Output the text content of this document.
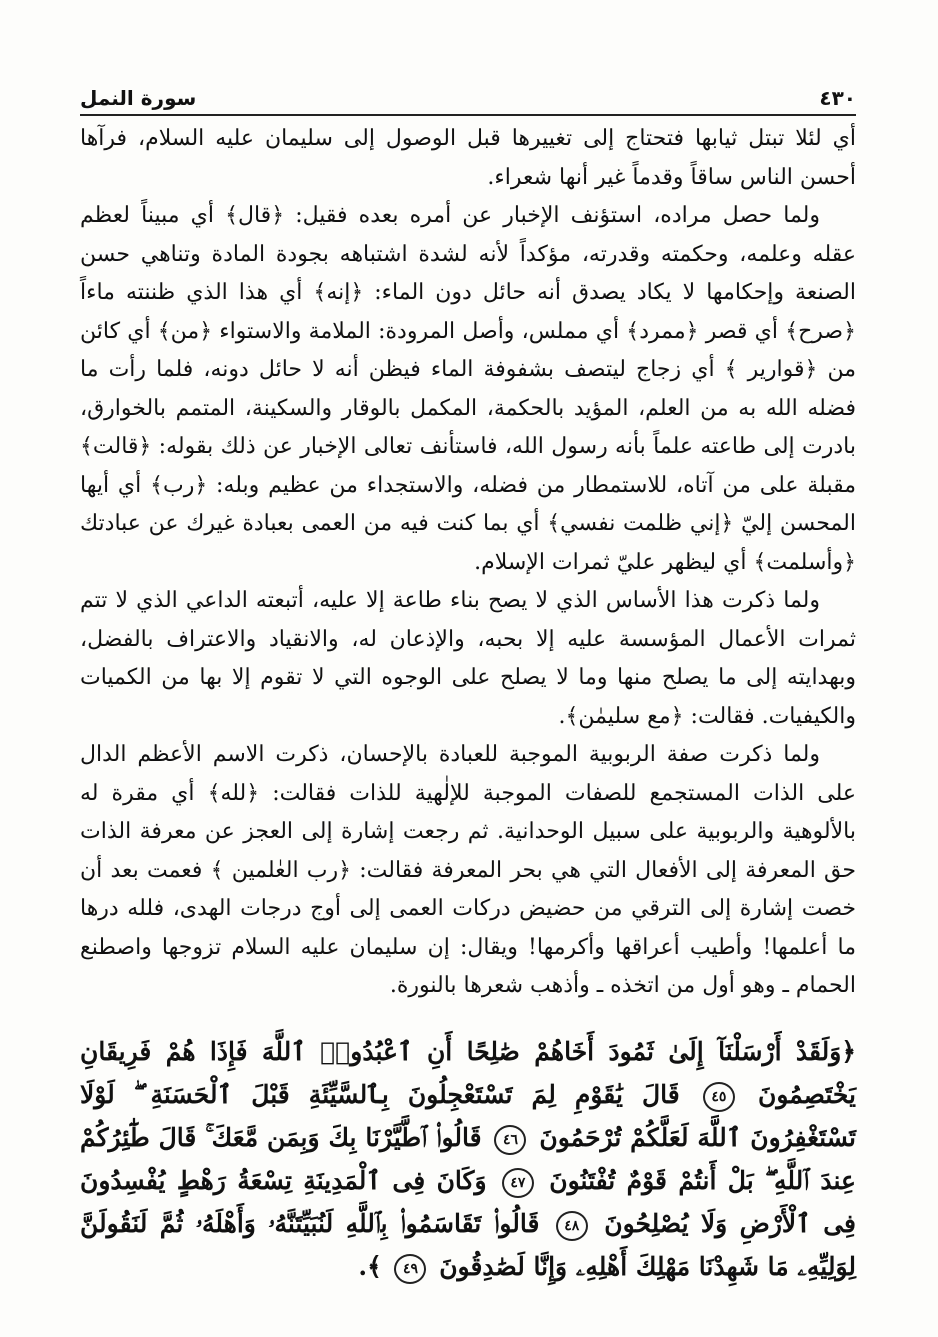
٤٣٠
سورة النمل

أي لئلا تبتل ثيابها فتحتاج إلى تغييرها قبل الوصول إلى سليمان عليه السلام، فرآها أحسن الناس ساقاً وقدماً غير أنها شعراء.

ولما حصل مراده، استؤنف الإخبار عن أمره بعده فقيل: ﴿قال﴾ أي مبيناً لعظم عقله وعلمه، وحكمته وقدرته، مؤكداً لأنه لشدة اشتباهه بجودة المادة وتناهي حسن الصنعة وإحكامها لا يكاد يصدق أنه حائل دون الماء: ﴿إنه﴾ أي هذا الذي ظننته ماءاً ﴿صرح﴾ أي قصر ﴿ممرد﴾ أي مملس، وأصل المرودة: الملامة والاستواء ﴿من﴾ أي كائن من ﴿قوارير ﴾ أي زجاج ليتصف بشفوفة الماء فيظن أنه لا حائل دونه، فلما رأت ما فضله الله به من العلم، المؤيد بالحكمة، المكمل بالوقار والسكينة، المتمم بالخوارق، بادرت إلى طاعته علماً بأنه رسول الله، فاستأنف تعالى الإخبار عن ذلك بقوله: ﴿قالت﴾ مقبلة على من آتاه، للاستمطار من فضله، والاستجداء من عظيم وبله: ﴿رب﴾ أي أيها المحسن إليّ ﴿إني ظلمت نفسي﴾ أي بما كنت فيه من العمى بعبادة غيرك عن عبادتك ﴿وأسلمت﴾ أي ليظهر عليّ ثمرات الإسلام.

ولما ذكرت هذا الأساس الذي لا يصح بناء طاعة إلا عليه، أتبعته الداعي الذي لا تتم ثمرات الأعمال المؤسسة عليه إلا بحبه، والإذعان له، والانقياد والاعتراف بالفضل، وبهدايته إلى ما يصلح منها وما لا يصلح على الوجوه التي لا تقوم إلا بها من الكميات والكيفيات. فقالت: ﴿مع سليمٰن﴾.

ولما ذكرت صفة الربوبية الموجبة للعبادة بالإحسان، ذكرت الاسم الأعظم الدال على الذات المستجمع للصفات الموجبة للإلٰهية للذات فقالت: ﴿لله﴾ أي مقرة له بالألوهية والربوبية على سبيل الوحدانية. ثم رجعت إشارة إلى العجز عن معرفة الذات حق المعرفة إلى الأفعال التي هي بحر المعرفة فقالت: ﴿رب العٰلمين ﴾ فعمت بعد أن خصت إشارة إلى الترقي من حضيض دركات العمى إلى أوج درجات الهدى، فلله درها ما أعلمها! وأطيب أعراقها وأكرمها! ويقال: إن سليمان عليه السلام تزوجها واصطنع الحمام ـ وهو أول من اتخذه ـ وأذهب شعرها بالنورة.

﴿وَلَقَدْ أَرْسَلْنَآ إِلَىٰ ثَمُودَ أَخَاهُمْ صَٰلِحًا أَنِ ٱعْبُدُوا۟ ٱللَّهَ فَإِذَا هُمْ فَرِيقَانِ يَخْتَصِمُونَ ٤٥ قَالَ يَٰقَوْمِ لِمَ تَسْتَعْجِلُونَ بِٱلسَّيِّئَةِ قَبْلَ ٱلْحَسَنَةِ ۖ لَوْلَا تَسْتَغْفِرُونَ ٱللَّهَ لَعَلَّكُمْ تُرْحَمُونَ ٤٦ قَالُوا۟ ٱطَّيَّرْنَا بِكَ وَبِمَن مَّعَكَ ۚ قَالَ طَٰٓئِرُكُمْ عِندَ ٱللَّهِ ۖ بَلْ أَنتُمْ قَوْمٌ تُفْتَنُونَ ٤٧ وَكَانَ فِى ٱلْمَدِينَةِ تِسْعَةُ رَهْطٍ يُفْسِدُونَ فِى ٱلْأَرْضِ وَلَا يُصْلِحُونَ ٤٨ قَالُوا۟ تَقَاسَمُوا۟ بِٱللَّهِ لَنُبَيِّتَنَّهُۥ وَأَهْلَهُۥ ثُمَّ لَنَقُولَنَّ لِوَلِيِّهِۦ مَا شَهِدْنَا مَهْلِكَ أَهْلِهِۦ وَإِنَّا لَصَٰدِقُونَ ٤٩ ﴾.
